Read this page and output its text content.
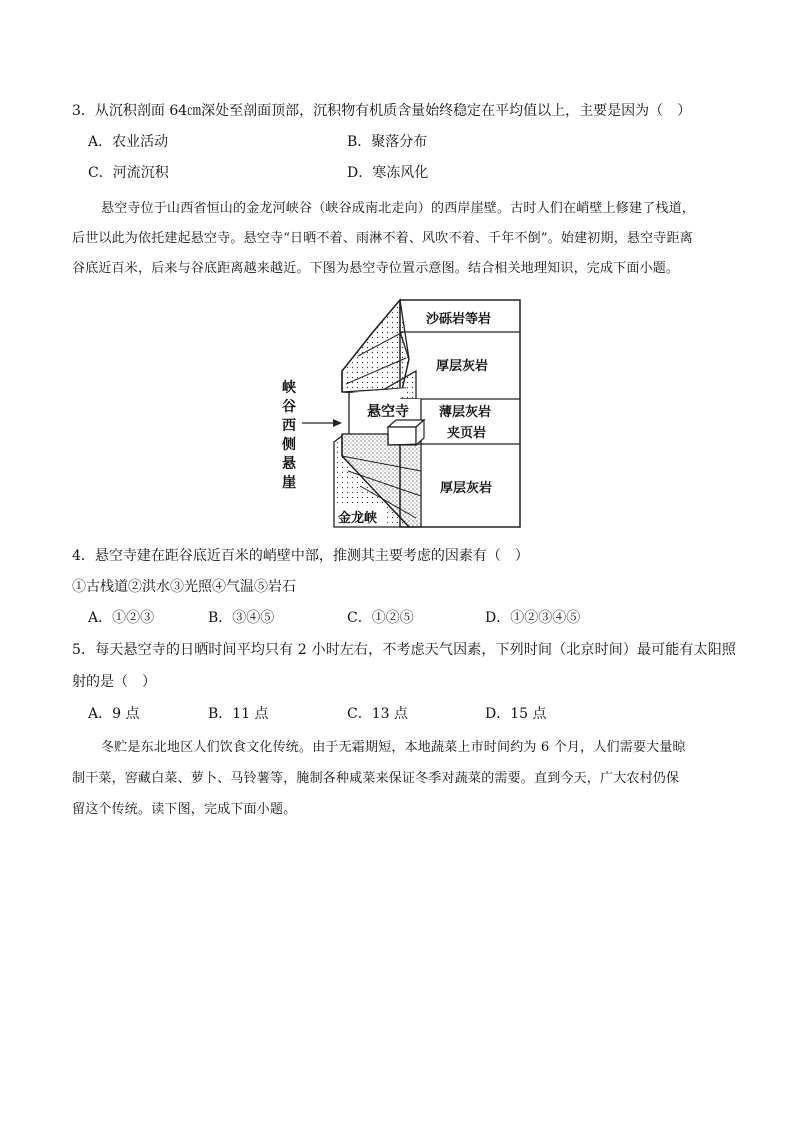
3．从沉积剖面 64㎝深处至剖面顶部，沉积物有机质含量始终稳定在平均值以上，主要是因为（　）
A．农业活动	B．聚落分布
C．河流沉积	D．寒冻风化
悬空寺位于山西省恒山的金龙河峡谷（峡谷成南北走向）的西岸崖壁。古时人们在峭壁上修建了栈道，
后世以此为依托建起悬空寺。悬空寺“日晒不着、雨淋不着、风吹不着、千年不倒”。始建初期，悬空寺距离
谷底近百米，后来与谷底距离越来越近。下图为悬空寺位置示意图。结合相关地理知识，完成下面小题。
峡
谷
西
侧
悬
崖
悬空寺
金龙峡
沙砾岩等岩
厚层灰岩
薄层灰岩
夹页岩
厚层灰岩
4．悬空寺建在距谷底近百米的峭壁中部，推测其主要考虑的因素有（　）
①古栈道②洪水③光照④气温⑤岩石
A．①②③	B．③④⑤	C．①②⑤	D．①②③④⑤
5．每天悬空寺的日晒时间平均只有 2 小时左右，不考虑天气因素，下列时间（北京时间）最可能有太阳照
射的是（　）
A．9 点	B．11 点	C．13 点	D．15 点
冬贮是东北地区人们饮食文化传统。由于无霜期短，本地蔬菜上市时间约为 6 个月，人们需要大量晾
制干菜，窖藏白菜、萝卜、马铃薯等，腌制各种咸菜来保证冬季对蔬菜的需要。直到今天，广大农村仍保
留这个传统。读下图，完成下面小题。
